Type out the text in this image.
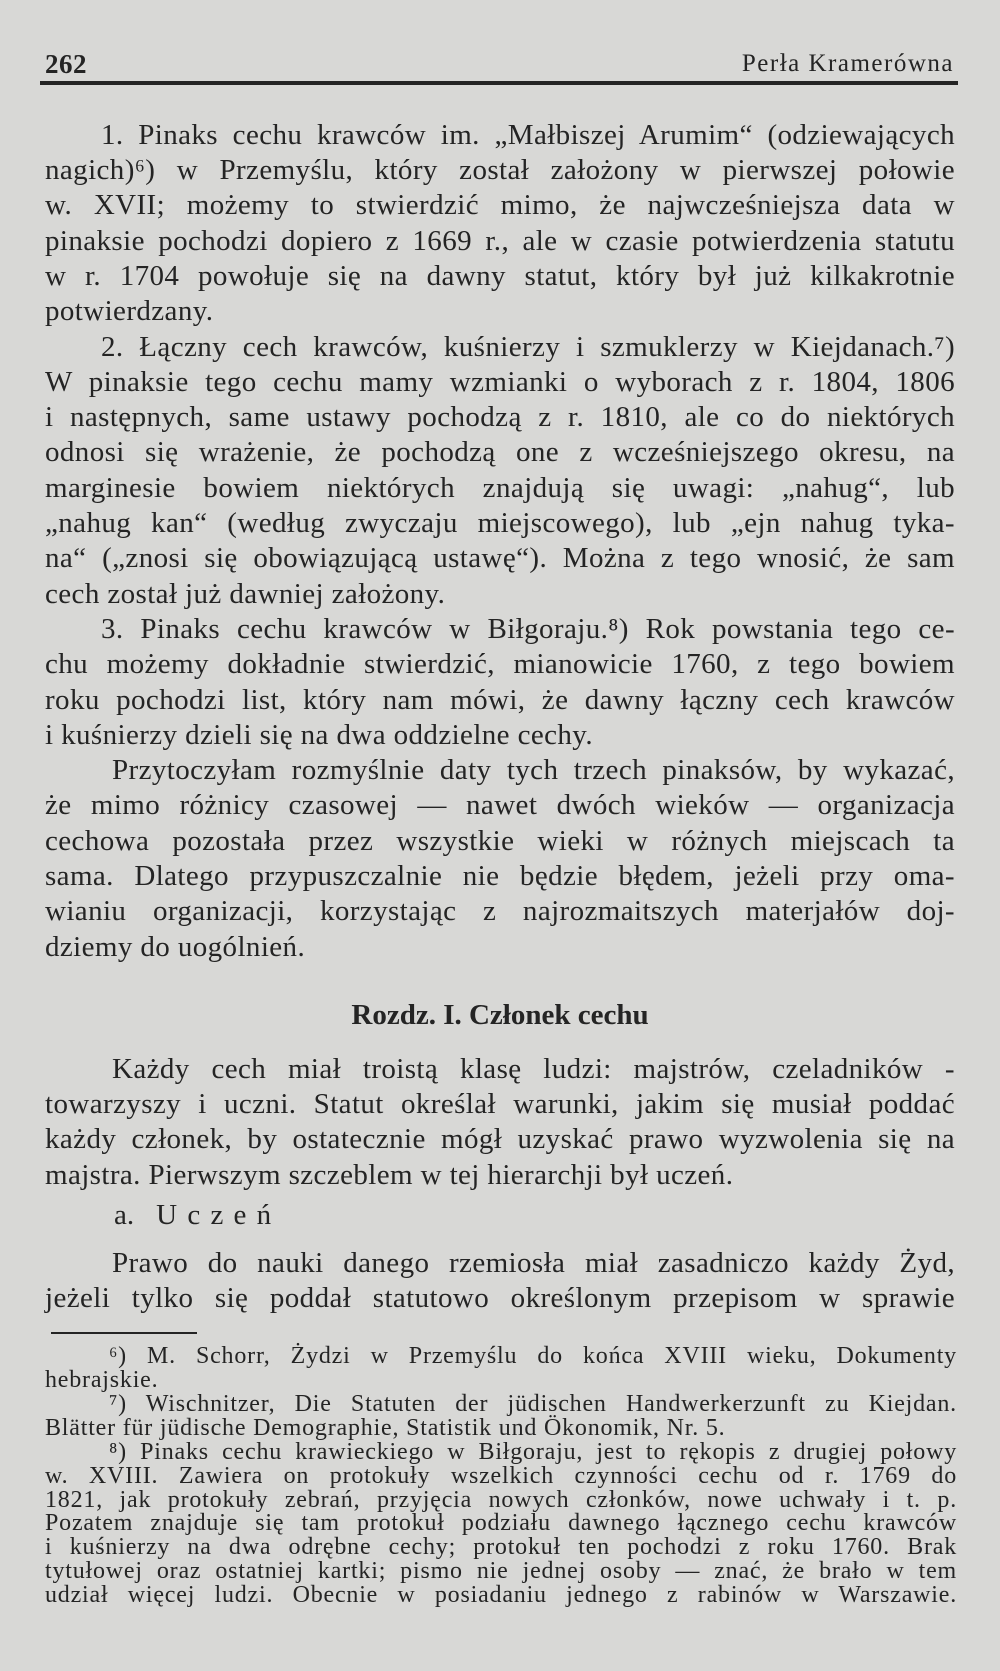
262	Perła Kramerówna
1. Pinaks cechu krawców im. „Małbiszej Arumim“ (odziewających
nagich)⁶) w Przemyślu, który został założony w pierwszej połowie
w. XVII; możemy to stwierdzić mimo, że najwcześniejsza data w
pinaksie pochodzi dopiero z 1669 r., ale w czasie potwierdzenia statutu
w r. 1704 powołuje się na dawny statut, który był już kilkakrotnie
potwierdzany.
2. Łączny cech krawców, kuśnierzy i szmuklerzy w Kiejdanach.⁷)
W pinaksie tego cechu mamy wzmianki o wyborach z r. 1804, 1806
i następnych, same ustawy pochodzą z r. 1810, ale co do niektórych
odnosi się wrażenie, że pochodzą one z wcześniejszego okresu, na
marginesie bowiem niektórych znajdują się uwagi: „nahug“, lub
„nahug kan“ (według zwyczaju miejscowego), lub „ejn nahug tyka-
na“ („znosi się obowiązującą ustawę“). Można z tego wnosić, że sam
cech został już dawniej założony.
3. Pinaks cechu krawców w Biłgoraju.⁸) Rok powstania tego ce-
chu możemy dokładnie stwierdzić, mianowicie 1760, z tego bowiem
roku pochodzi list, który nam mówi, że dawny łączny cech krawców
i kuśnierzy dzieli się na dwa oddzielne cechy.
Przytoczyłam rozmyślnie daty tych trzech pinaksów, by wykazać,
że mimo różnicy czasowej — nawet dwóch wieków — organizacja
cechowa pozostała przez wszystkie wieki w różnych miejscach ta
sama. Dlatego przypuszczalnie nie będzie błędem, jeżeli przy oma-
wianiu organizacji, korzystając z najrozmaitszych materjałów doj-
dziemy do uogólnień.
Rozdz. I. Członek cechu
Każdy cech miał troistą klasę ludzi: majstrów, czeladników -
towarzyszy i uczni. Statut określał warunki, jakim się musiał poddać
każdy członek, by ostatecznie mógł uzyskać prawo wyzwolenia się na
majstra. Pierwszym szczeblem w tej hierarchji był uczeń.
a. U c z e ń
Prawo do nauki danego rzemiosła miał zasadniczo każdy Żyd,
jeżeli tylko się poddał statutowo określonym przepisom w sprawie
⁶) M. Schorr, Żydzi w Przemyślu do końca XVIII wieku, Dokumenty
hebrajskie.
⁷) Wischnitzer, Die Statuten der jüdischen Handwerkerzunft zu Kiejdan.
Blätter für jüdische Demographie, Statistik und Ökonomik, Nr. 5.
⁸) Pinaks cechu krawieckiego w Biłgoraju, jest to rękopis z drugiej połowy
w. XVIII. Zawiera on protokuły wszelkich czynności cechu od r. 1769 do
1821, jak protokuły zebrań, przyjęcia nowych członków, nowe uchwały i t. p.
Pozatem znajduje się tam protokuł podziału dawnego łącznego cechu krawców
i kuśnierzy na dwa odrębne cechy; protokuł ten pochodzi z roku 1760. Brak
tytułowej oraz ostatniej kartki; pismo nie jednej osoby — znać, że brało w tem
udział więcej ludzi. Obecnie w posiadaniu jednego z rabinów w Warszawie.
